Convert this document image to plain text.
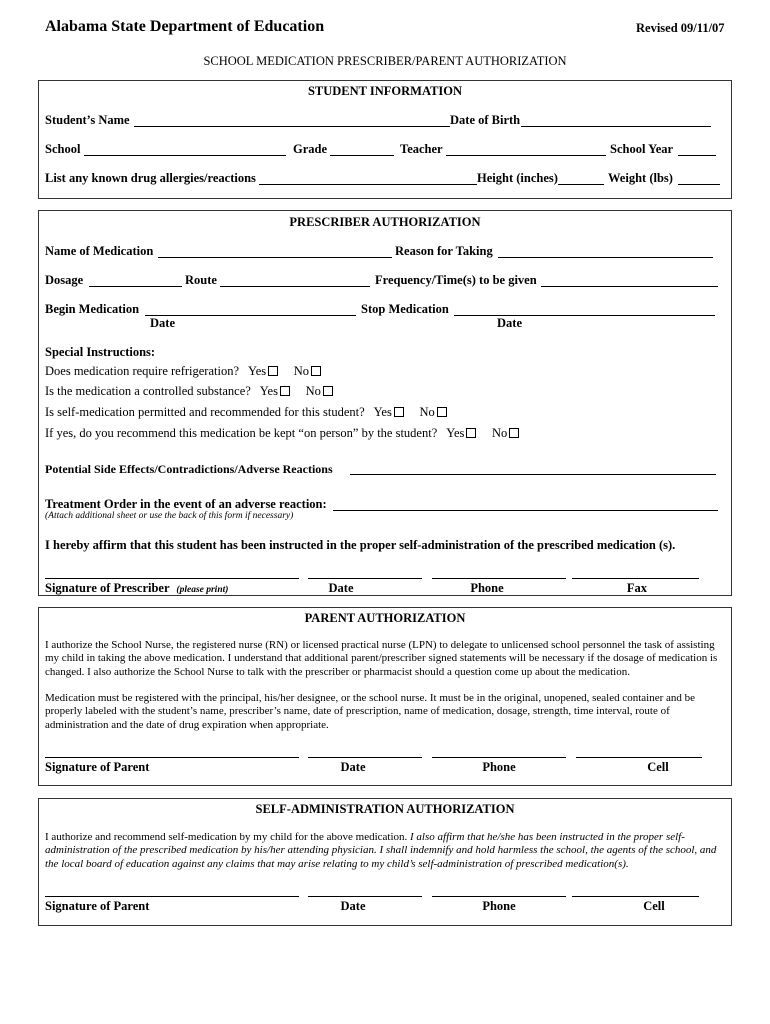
Alabama State Department of Education	Revised 09/11/07
SCHOOL MEDICATION PRESCRIBER/PARENT AUTHORIZATION
STUDENT INFORMATION
Student’s Name	Date of Birth
School	Grade	Teacher	School Year
List any known drug allergies/reactions	Height (inches)	Weight (lbs)
PRESCRIBER AUTHORIZATION
Name of Medication	Reason for Taking
Dosage	Route	Frequency/Time(s) to be given
Begin Medication	Stop Medication
Date	Date
Special Instructions:
Does medication require refrigeration? Yes No
Is the medication a controlled substance? Yes No
Is self-medication permitted and recommended for this student? Yes No
If yes, do you recommend this medication be kept “on person” by the student? Yes No
Potential Side Effects/Contradictions/Adverse Reactions
Treatment Order in the event of an adverse reaction:
(Attach additional sheet or use the back of this form if necessary)
I hereby affirm that this student has been instructed in the proper self-administration of the prescribed medication (s).
Signature of Prescriber (please print)	Date	Phone	Fax
PARENT AUTHORIZATION
I authorize the School Nurse, the registered nurse (RN) or licensed practical nurse (LPN) to delegate to unlicensed school personnel the task of assisting my child in taking the above medication. I understand that additional parent/prescriber signed statements will be necessary if the dosage of medication is changed. I also authorize the School Nurse to talk with the prescriber or pharmacist should a question come up about the medication.
Medication must be registered with the principal, his/her designee, or the school nurse. It must be in the original, unopened, sealed container and be properly labeled with the student’s name, prescriber’s name, date of prescription, name of medication, dosage, strength, time interval, route of administration and the date of drug expiration when appropriate.
Signature of Parent	Date	Phone	Cell
SELF-ADMINISTRATION AUTHORIZATION
I authorize and recommend self-medication by my child for the above medication. I also affirm that he/she has been instructed in the proper self-administration of the prescribed medication by his/her attending physician. I shall indemnify and hold harmless the school, the agents of the school, and the local board of education against any claims that may arise relating to my child’s self-administration of prescribed medication(s).
Signature of Parent	Date	Phone	Cell
